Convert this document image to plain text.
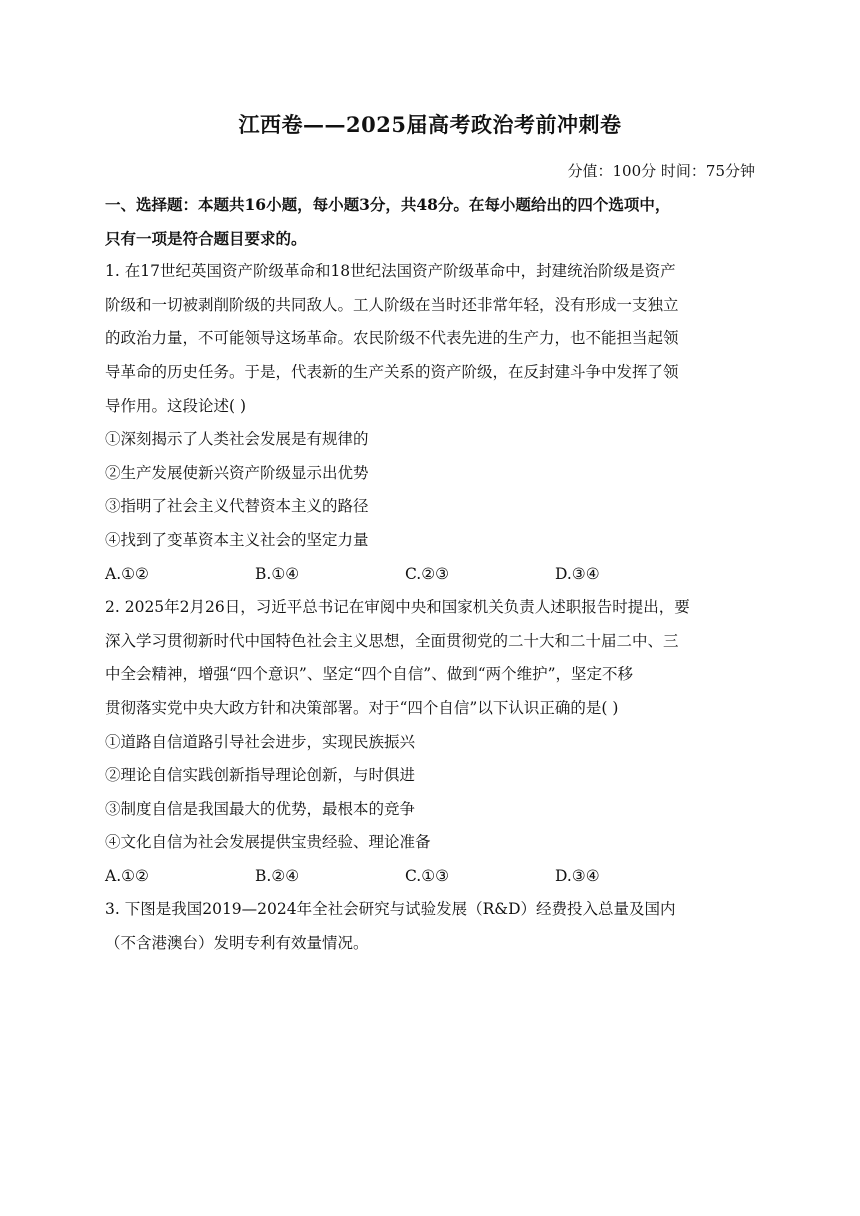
江西卷——2025届高考政治考前冲刺卷
分值：100分 时间：75分钟
一、选择题：本题共16小题，每小题3分，共48分。在每小题给出的四个选项中，
只有一项是符合题目要求的。
1. 在17世纪英国资产阶级革命和18世纪法国资产阶级革命中，封建统治阶级是资产
阶级和一切被剥削阶级的共同敌人。工人阶级在当时还非常年轻，没有形成一支独立
的政治力量，不可能领导这场革命。农民阶级不代表先进的生产力，也不能担当起领
导革命的历史任务。于是，代表新的生产关系的资产阶级，在反封建斗争中发挥了领
导作用。这段论述( )
①深刻揭示了人类社会发展是有规律的
②生产发展使新兴资产阶级显示出优势
③指明了社会主义代替资本主义的路径
④找到了变革资本主义社会的坚定力量
A.①②	B.①④	C.②③	D.③④
2. 2025年2月26日，习近平总书记在审阅中央和国家机关负责人述职报告时提出，要
深入学习贯彻新时代中国特色社会主义思想，全面贯彻党的二十大和二十届二中、三
中全会精神，增强“四个意识”、坚定“四个自信”、做到“两个维护”，坚定不移
贯彻落实党中央大政方针和决策部署。对于“四个自信”以下认识正确的是( )
①道路自信道路引导社会进步，实现民族振兴
②理论自信实践创新指导理论创新，与时俱进
③制度自信是我国最大的优势，最根本的竞争
④文化自信为社会发展提供宝贵经验、理论准备
A.①②	B.②④	C.①③	D.③④
3. 下图是我国2019—2024年全社会研究与试验发展（R&D）经费投入总量及国内
（不含港澳台）发明专利有效量情况。
